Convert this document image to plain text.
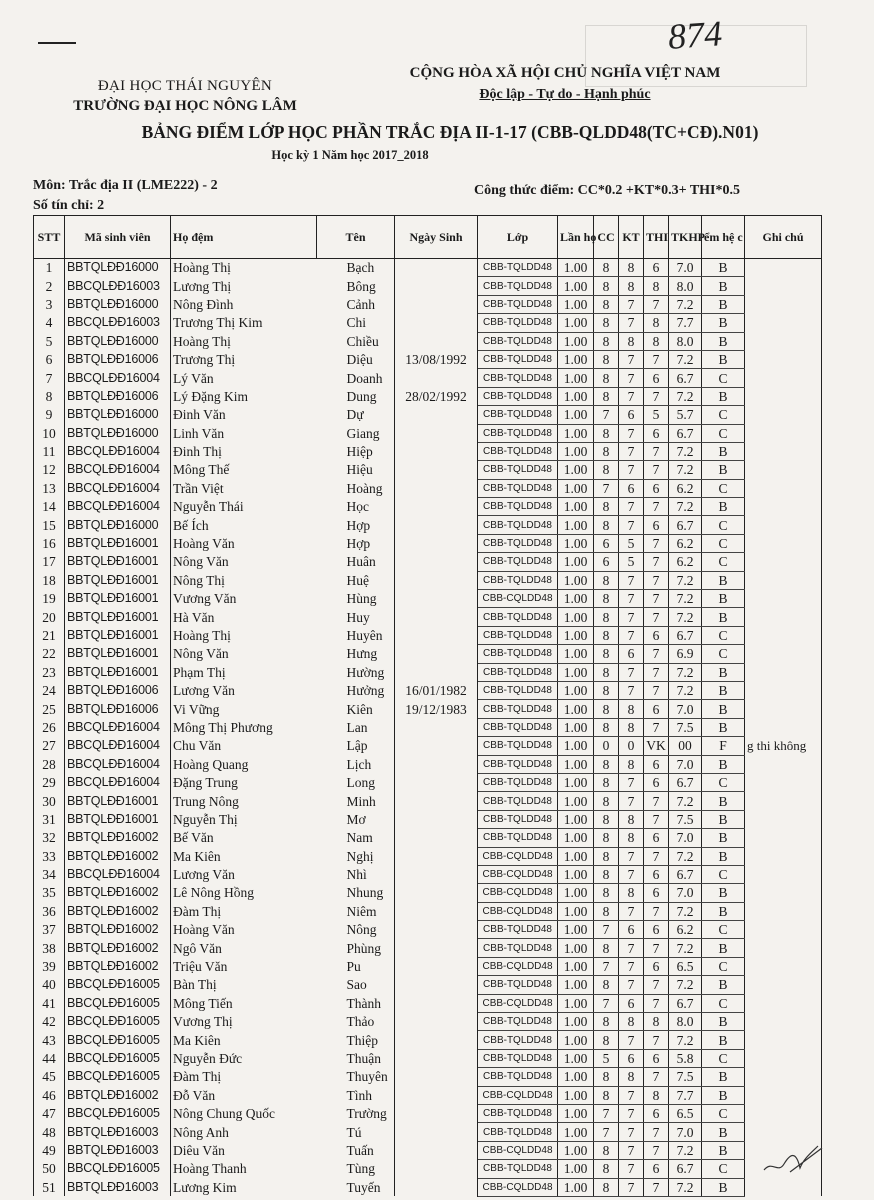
874
ĐẠI HỌC THÁI NGUYÊN
TRƯỜNG ĐẠI HỌC NÔNG LÂM
CỘNG HÒA XÃ HỘI CHỦ NGHĨA VIỆT NAM
Độc lập - Tự do - Hạnh phúc
BẢNG ĐIỂM LỚP HỌC PHẦN TRẮC ĐỊA II-1-17 (CBB-QLDD48(TC+CĐ).N01)
Học kỳ 1 Năm học 2017_2018
Môn: Trắc địa II (LME222) - 2
Số tín chỉ: 2
Công thức điểm: CC*0.2 +KT*0.3+ THI*0.5
STT	Mã sinh viên	Họ đệm	Tên	Ngày Sinh	Lớp	Lần họ	CC	KT	THI	TKHP	ểm hệ c	Ghi chú
1	BBTQLĐĐ16000	Hoàng Thị	Bạch		CBB-TQLDD48	1.00	8	8	6	7.0	B	
2	BBCQLĐĐ16003	Lương Thị	Bông		CBB-TQLDD48	1.00	8	8	8	8.0	B	
3	BBTQLĐĐ16000	Nông Đình	Cảnh		CBB-TQLDD48	1.00	8	7	7	7.2	B	
4	BBCQLĐĐ16003	Trương Thị Kim	Chi		CBB-TQLDD48	1.00	8	7	8	7.7	B	
5	BBTQLĐĐ16000	Hoàng Thị	Chiều		CBB-TQLDD48	1.00	8	8	8	8.0	B	
6	BBTQLĐĐ16006	Trương Thị	Diệu	13/08/1992	CBB-TQLDD48	1.00	8	7	7	7.2	B	
7	BBCQLĐĐ16004	Lý Văn	Doanh		CBB-TQLDD48	1.00	8	7	6	6.7	C	
8	BBTQLĐĐ16006	Lý Đặng Kim	Dung	28/02/1992	CBB-TQLDD48	1.00	8	7	7	7.2	B	
9	BBTQLĐĐ16000	Đinh Văn	Dự		CBB-TQLDD48	1.00	7	6	5	5.7	C	
10	BBTQLĐĐ16000	Linh Văn	Giang		CBB-TQLDD48	1.00	8	7	6	6.7	C	
11	BBCQLĐĐ16004	Đinh Thị	Hiệp		CBB-TQLDD48	1.00	8	7	7	7.2	B	
12	BBCQLĐĐ16004	Mông Thế	Hiệu		CBB-TQLDD48	1.00	8	7	7	7.2	B	
13	BBCQLĐĐ16004	Trần Việt	Hoàng		CBB-TQLDD48	1.00	7	6	6	6.2	C	
14	BBCQLĐĐ16004	Nguyễn Thái	Học		CBB-TQLDD48	1.00	8	7	7	7.2	B	
15	BBTQLĐĐ16000	Bế Ích	Hợp		CBB-TQLDD48	1.00	8	7	6	6.7	C	
16	BBTQLĐĐ16001	Hoàng Văn	Hợp		CBB-TQLDD48	1.00	6	5	7	6.2	C	
17	BBTQLĐĐ16001	Nông Văn	Huân		CBB-TQLDD48	1.00	6	5	7	6.2	C	
18	BBTQLĐĐ16001	Nông Thị	Huệ		CBB-TQLDD48	1.00	8	7	7	7.2	B	
19	BBTQLĐĐ16001	Vương Văn	Hùng		CBB-CQLDD48	1.00	8	7	7	7.2	B	
20	BBTQLĐĐ16001	Hà Văn	Huy		CBB-TQLDD48	1.00	8	7	7	7.2	B	
21	BBTQLĐĐ16001	Hoàng Thị	Huyên		CBB-TQLDD48	1.00	8	7	6	6.7	C	
22	BBTQLĐĐ16001	Nông Văn	Hưng		CBB-TQLDD48	1.00	8	6	7	6.9	C	
23	BBTQLĐĐ16001	Phạm Thị	Hường		CBB-TQLDD48	1.00	8	7	7	7.2	B	
24	BBTQLĐĐ16006	Lương Văn	Hưởng	16/01/1982	CBB-TQLDD48	1.00	8	7	7	7.2	B	
25	BBTQLĐĐ16006	Vi Vững	Kiên	19/12/1983	CBB-TQLDD48	1.00	8	8	6	7.0	B	
26	BBCQLĐĐ16004	Mông Thị Phương	Lan		CBB-TQLDD48	1.00	8	8	7	7.5	B	
27	BBCQLĐĐ16004	Chu Văn	Lập		CBB-TQLDD48	1.00	0	0	VK	00	F	g thi không
28	BBCQLĐĐ16004	Hoàng Quang	Lịch		CBB-TQLDD48	1.00	8	8	6	7.0	B	
29	BBCQLĐĐ16004	Đặng Trung	Long		CBB-TQLDD48	1.00	8	7	6	6.7	C	
30	BBTQLĐĐ16001	Trung Nông	Minh		CBB-TQLDD48	1.00	8	7	7	7.2	B	
31	BBTQLĐĐ16001	Nguyễn Thị	Mơ		CBB-TQLDD48	1.00	8	8	7	7.5	B	
32	BBTQLĐĐ16002	Bế Văn	Nam		CBB-TQLDD48	1.00	8	8	6	7.0	B	
33	BBTQLĐĐ16002	Ma Kiên	Nghị		CBB-CQLDD48	1.00	8	7	7	7.2	B	
34	BBCQLĐĐ16004	Lương Văn	Nhì		CBB-CQLDD48	1.00	8	7	6	6.7	C	
35	BBTQLĐĐ16002	Lê Nông Hồng	Nhung		CBB-CQLDD48	1.00	8	8	6	7.0	B	
36	BBTQLĐĐ16002	Đàm Thị	Niêm		CBB-CQLDD48	1.00	8	7	7	7.2	B	
37	BBTQLĐĐ16002	Hoàng Văn	Nông		CBB-TQLDD48	1.00	7	6	6	6.2	C	
38	BBTQLĐĐ16002	Ngô Văn	Phùng		CBB-TQLDD48	1.00	8	7	7	7.2	B	
39	BBTQLĐĐ16002	Triệu Văn	Pu		CBB-CQLDD48	1.00	7	7	6	6.5	C	
40	BBCQLĐĐ16005	Bàn Thị	Sao		CBB-TQLDD48	1.00	8	7	7	7.2	B	
41	BBCQLĐĐ16005	Mông Tiến	Thành		CBB-CQLDD48	1.00	7	6	7	6.7	C	
42	BBCQLĐĐ16005	Vương Thị	Thảo		CBB-TQLDD48	1.00	8	8	8	8.0	B	
43	BBCQLĐĐ16005	Ma Kiên	Thiệp		CBB-TQLDD48	1.00	8	7	7	7.2	B	
44	BBCQLĐĐ16005	Nguyễn Đức	Thuận		CBB-TQLDD48	1.00	5	6	6	5.8	C	
45	BBCQLĐĐ16005	Đàm Thị	Thuyên		CBB-TQLDD48	1.00	8	8	7	7.5	B	
46	BBTQLĐĐ16002	Đỗ Văn	Tình		CBB-CQLDD48	1.00	8	7	8	7.7	B	
47	BBCQLĐĐ16005	Nông Chung Quốc	Trường		CBB-TQLDD48	1.00	7	7	6	6.5	C	
48	BBTQLĐĐ16003	Nông Anh	Tú		CBB-TQLDD48	1.00	7	7	7	7.0	B	
49	BBTQLĐĐ16003	Diêu Văn	Tuấn		CBB-CQLDD48	1.00	8	7	7	7.2	B	
50	BBCQLĐĐ16005	Hoàng Thanh	Tùng		CBB-TQLDD48	1.00	8	7	6	6.7	C	
51	BBTQLĐĐ16003	Lương Kim	Tuyến		CBB-CQLDD48	1.00	8	7	7	7.2	B	
